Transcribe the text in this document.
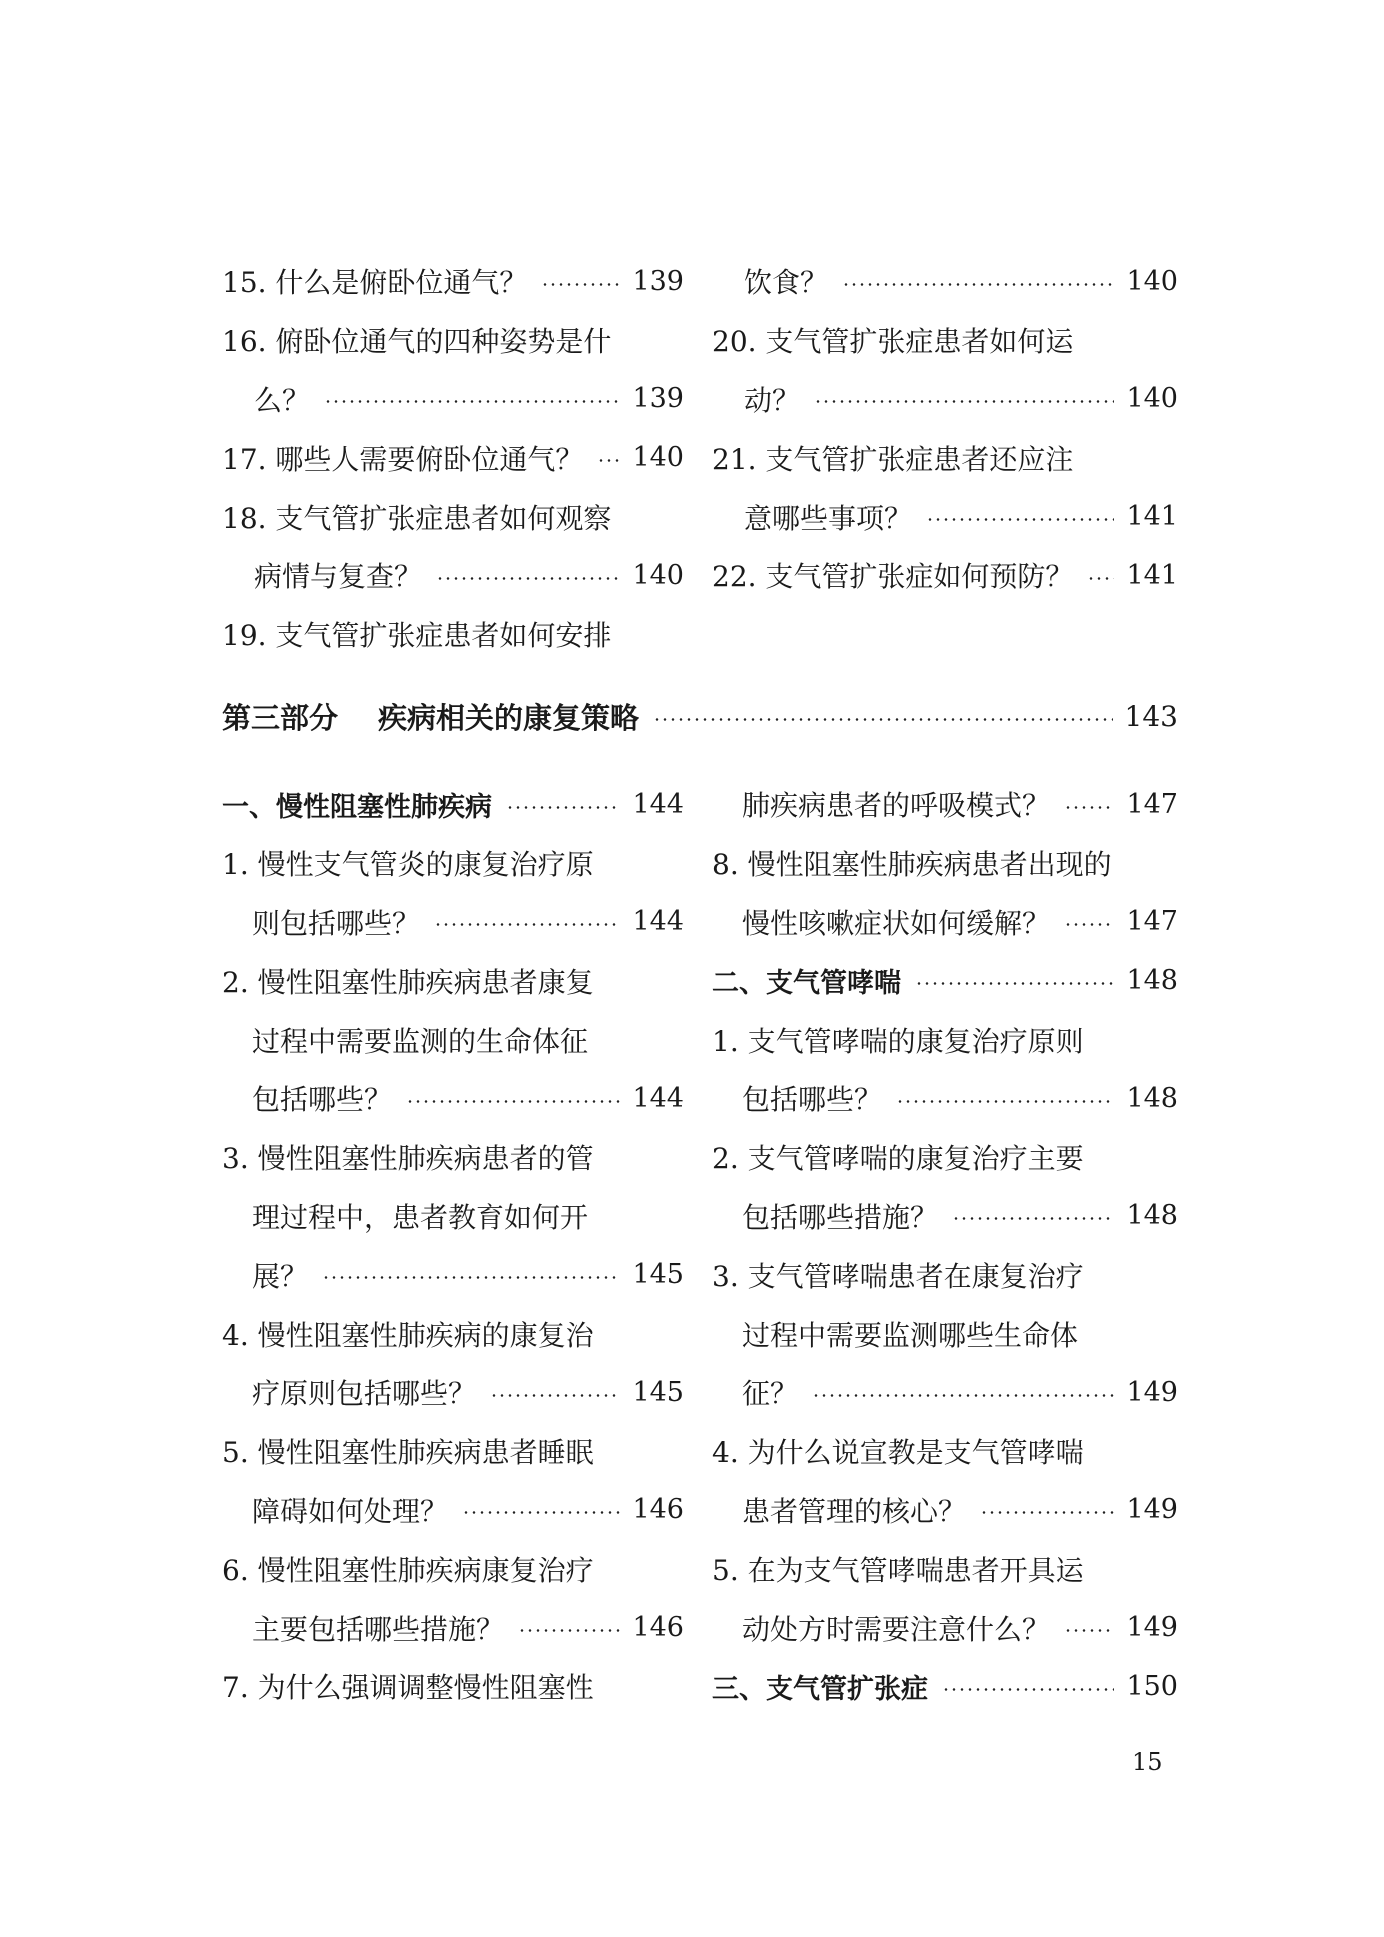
15. 什么是俯卧位通气？	139
16. 俯卧位通气的四种姿势是什
么？	139
17. 哪些人需要俯卧位通气？ 140
18. 支气管扩张症患者如何观察
病情与复查？	140
19. 支气管扩张症患者如何安排
饮食？	140
20. 支气管扩张症患者如何运
动？	140
21. 支气管扩张症患者还应注
意哪些事项？	141
22. 支气管扩张症如何预防？ 141
第三部分 疾病相关的康复策略	143
一、慢性阻塞性肺疾病	144
1. 慢性支气管炎的康复治疗原
则包括哪些？	144
2. 慢性阻塞性肺疾病患者康复
过程中需要监测的生命体征
包括哪些？	144
3. 慢性阻塞性肺疾病患者的管
理过程中，患者教育如何开
展？	145
4. 慢性阻塞性肺疾病的康复治
疗原则包括哪些？	145
5. 慢性阻塞性肺疾病患者睡眠
障碍如何处理？	146
6. 慢性阻塞性肺疾病康复治疗
主要包括哪些措施？	146
7. 为什么强调调整慢性阻塞性
肺疾病患者的呼吸模式？	147
8. 慢性阻塞性肺疾病患者出现的
慢性咳嗽症状如何缓解？	147
二、支气管哮喘	148
1. 支气管哮喘的康复治疗原则
包括哪些？	148
2. 支气管哮喘的康复治疗主要
包括哪些措施？	148
3. 支气管哮喘患者在康复治疗
过程中需要监测哪些生命体
征？	149
4. 为什么说宣教是支气管哮喘
患者管理的核心？	149
5. 在为支气管哮喘患者开具运
动处方时需要注意什么？	149
三、支气管扩张症	150
15
